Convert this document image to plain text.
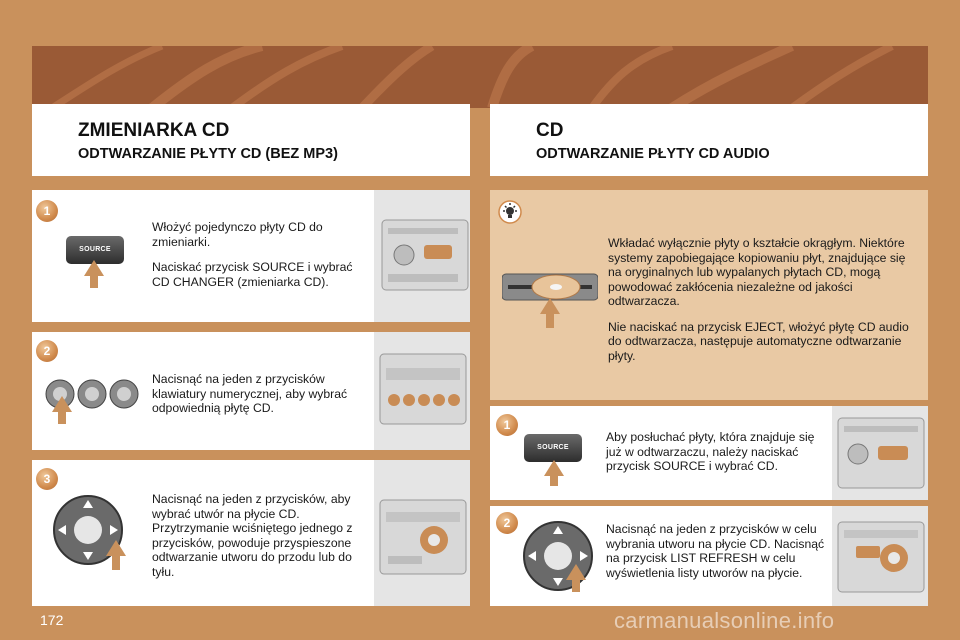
ZMIENIARKA CD
ODTWARZANIE PŁYTY CD (BEZ MP3)
CD
ODTWARZANIE PŁYTY CD AUDIO
1
SOURCE

Włożyć pojedynczo płyty CD do zmieniarki.

Naciskać przycisk SOURCE i wybrać CD CHANGER (zmieniarka CD).

2

Nacisnąć na jeden z przycisków klawiatury numerycznej, aby wybrać odpowiednią płytę CD.

3

Nacisnąć na jeden z przycisków, aby wybrać utwór na płycie CD. Przytrzymanie wciśniętego jednego z przycisków, powoduje przyspieszone odtwarzanie utworu do przodu lub do tyłu.

Wkładać wyłącznie płyty o kształcie okrągłym. Niektóre systemy zapobiegające kopiowaniu płyt, znajdujące się na oryginalnych lub wypalanych płytach CD, mogą powodować zakłócenia niezależne od jakości odtwarzacza.

Nie naciskać na przycisk EJECT, włożyć płytę CD audio do odtwarzacza, następuje automatyczne odtwarzanie płyty.

1
SOURCE

Aby posłuchać płyty, która znajduje się już w odtwarzaczu, należy naciskać przycisk SOURCE i wybrać CD.

2	Nacisnąć na jeden z przycisków w celu wybrania utworu na płycie CD. Nacisnąć na przycisk LIST REFRESH w celu wyświetlenia listy utworów na płycie.

172	carmanualsonline.info
